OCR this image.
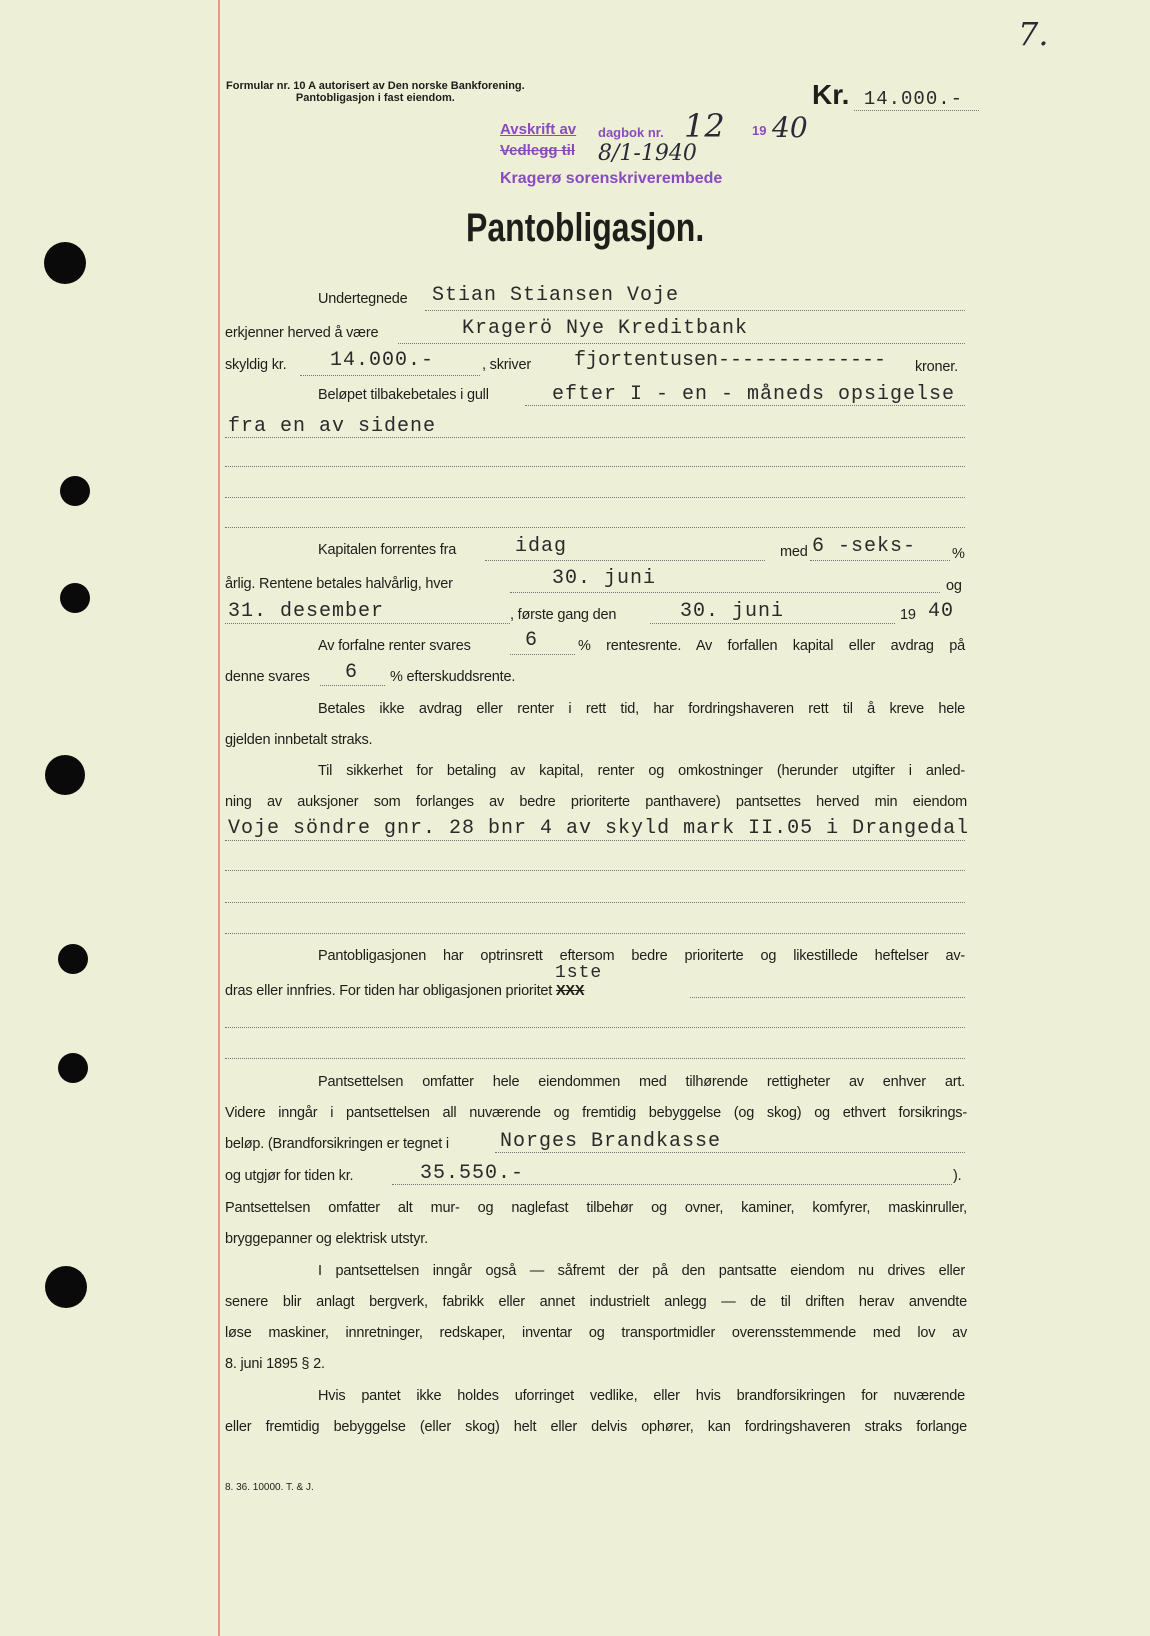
7.
Formular nr. 10 A autorisert av Den norske Bankforening.
Pantobligasjon i fast eiendom.	Kr. 14.000.-
Avskrift av dagbok nr. 12 19 40
Vedlegg til 8/1-1940
Kragerø sorenskriverembede
Pantobligasjon.
Undertegnede Stian Stiansen Voje
erkjenner herved å være	Kragerö Nye Kreditbank
skyldig kr. 14.000.-	, skriver fjortentusen-------------- kroner.
Beløpet tilbakebetales i gull	efter I - en - måneds opsigelse
fra en av sidene
Kapitalen forrentes fra	idag	med 6 -seks- %
årlig. Rentene betales halvårlig, hver	30. juni	og
31. desember	, første gang den	30. juni	19 40
Av forfalne renter svares	6	% rentesrente. Av forfallen kapital eller avdrag på
denne svares 6 % efterskuddsrente.
Betales ikke avdrag eller renter i rett tid, har fordringshaveren rett til å kreve hele
gjelden innbetalt straks.
Til sikkerhet for betaling av kapital, renter og omkostninger (herunder utgifter i anled-
ning av auksjoner som forlanges av bedre prioriterte panthavere) pantsettes herved min eiendom
Voje söndre gnr. 28 bnr 4 av skyld mark II.05 i Drangedal
Pantobligasjonen har optrinsrett eftersom bedre prioriterte og likestillede heftelser av-
1ste
dras eller innfries. For tiden har obligasjonen prioritet XXX
Pantsettelsen omfatter hele eiendommen med tilhørende rettigheter av enhver art.
Videre inngår i pantsettelsen all nuværende og fremtidig bebyggelse (og skog) og ethvert forsikrings-
beløp. (Brandforsikringen er tegnet i	Norges Brandkasse
og utgjør for tiden kr.	35.550.-	).
Pantsettelsen omfatter alt mur- og naglefast tilbehør og ovner, kaminer, komfyrer, maskinruller,
bryggepanner og elektrisk utstyr.
I pantsettelsen inngår også — såfremt der på den pantsatte eiendom nu drives eller
senere blir anlagt bergverk, fabrikk eller annet industrielt anlegg — de til driften herav anvendte
løse maskiner, innretninger, redskaper, inventar og transportmidler overensstemmende med lov av
8. juni 1895 § 2.
Hvis pantet ikke holdes uforringet vedlike, eller hvis brandforsikringen for nuværende
eller fremtidig bebyggelse (eller skog) helt eller delvis ophører, kan fordringshaveren straks forlange
8. 36. 10000. T. & J.
